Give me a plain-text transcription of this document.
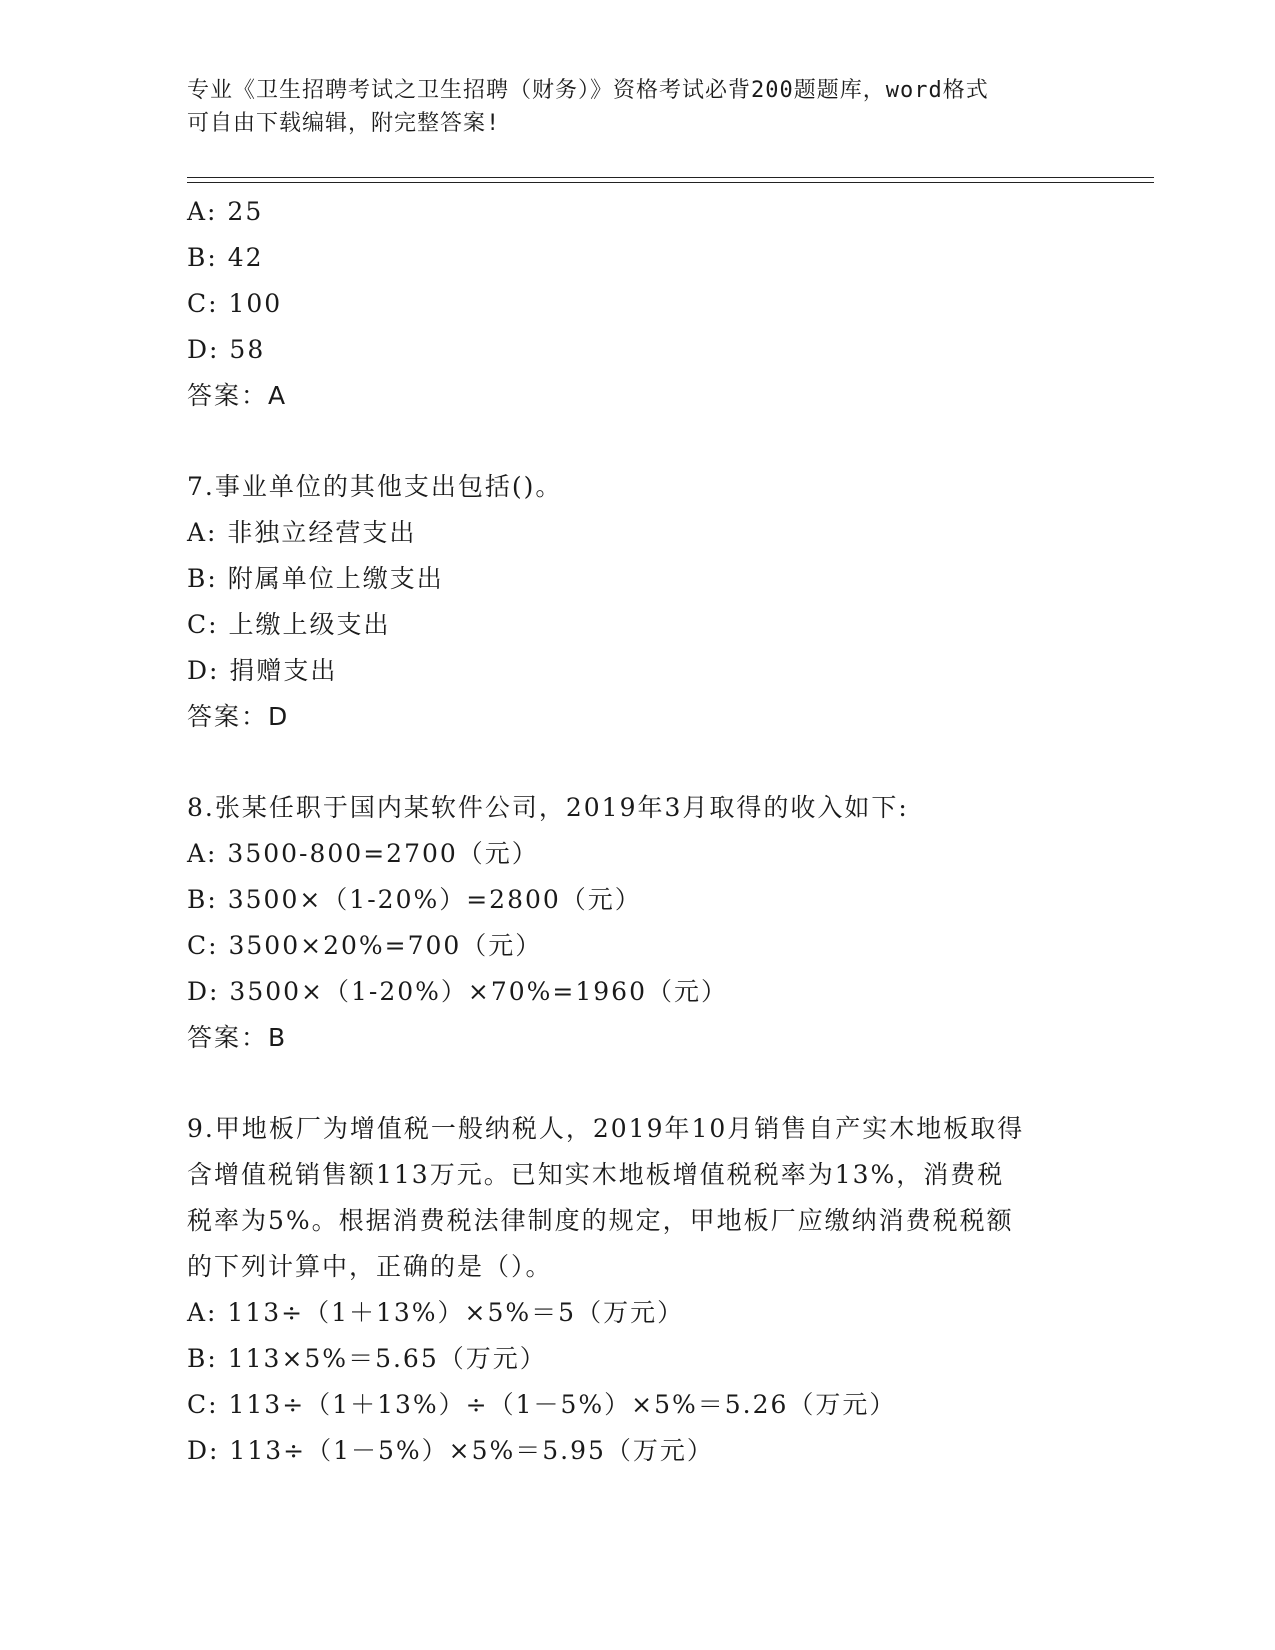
专业《卫生招聘考试之卫生招聘（财务）》资格考试必背200题题库，word格式
可自由下载编辑，附完整答案!
A: 25
B: 42
C: 100
D: 58
答案：A
7.事业单位的其他支出包括()。
A: 非独立经营支出
B: 附属单位上缴支出
C: 上缴上级支出
D: 捐赠支出
答案：D
8.张某任职于国内某软件公司，2019年3月取得的收入如下:
A: 3500-800=2700（元）
B: 3500×（1-20%）=2800（元）
C: 3500×20%=700（元）
D: 3500×（1-20%）×70%=1960（元）
答案：B
9.甲地板厂为增值税一般纳税人，2019年10月销售自产实木地板取得
含增值税销售额113万元。已知实木地板增值税税率为13%，消费税
税率为5%。根据消费税法律制度的规定，甲地板厂应缴纳消费税税额
的下列计算中，正确的是（）。
A: 113÷（1＋13%）×5%＝5（万元）
B: 113×5%＝5.65（万元）
C: 113÷（1＋13%）÷（1－5%）×5%＝5.26（万元）
D: 113÷（1－5%）×5%＝5.95（万元）
